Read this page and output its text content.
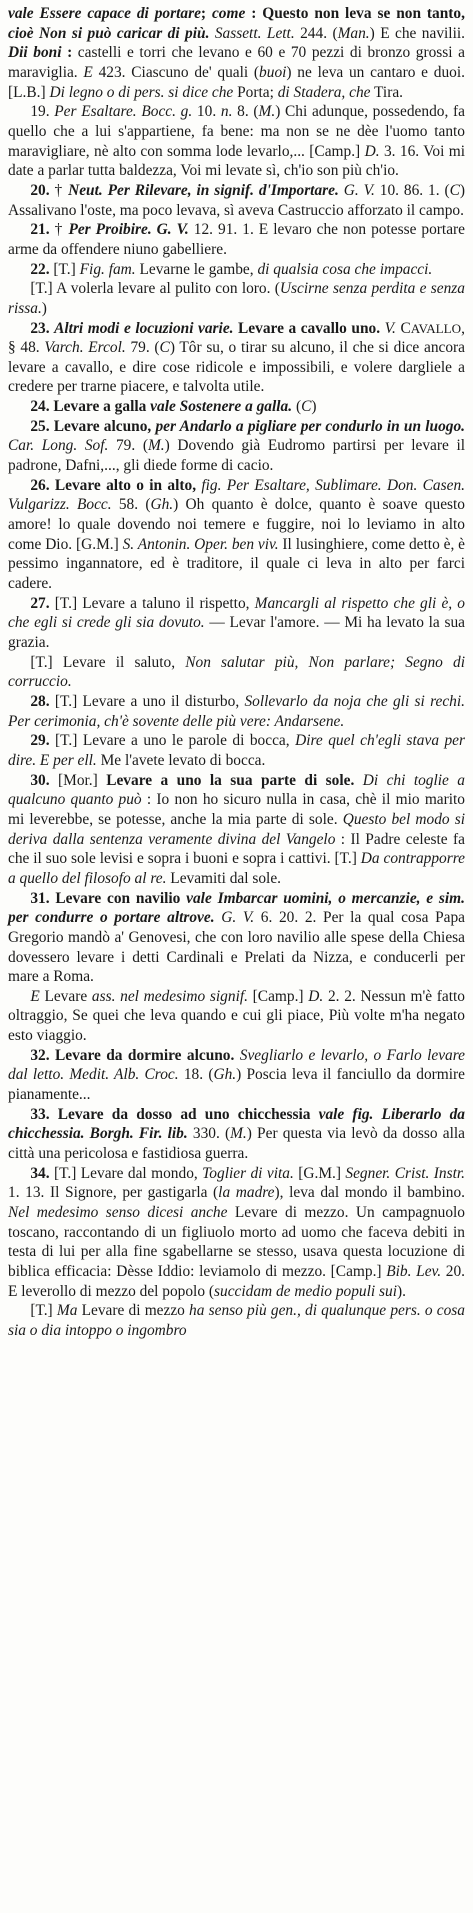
vale Essere capace di portare; come : Questo non leva se non tanto, cioè Non si può caricar di più. Sassett. Lett. 244. (Man.) E che navilii. Dii boni : castelli e torri che levano e 60 e 70 pezzi di bronzo grossi a maraviglia. E 423. Ciascuno de' quali (buoi) ne leva un cantaro e duoi. [L.B.] Di legno o di pers. si dice che Porta; di Stadera, che Tira.

19. Per Esaltare. Bocc. g. 10. n. 8. (M.) Chi adunque, possedendo, fa quello che a lui s'appartiene, fa bene: ma non se ne dèe l'uomo tanto maravigliare, nè alto con somma lode levarlo,... [Camp.] D. 3. 16. Voi mi date a parlar tutta baldezza, Voi mi levate sì, ch'io son più ch'io.

20. † Neut. Per Rilevare, in signif. d'Importare. G. V. 10. 86. 1. (C) Assalivano l'oste, ma poco levava, sì aveva Castruccio afforzato il campo.

21. † Per Proibire. G. V. 12. 91. 1. E levaro che non potesse portare arme da offendere niuno gabelliere.

22. [T.] Fig. fam. Levarne le gambe, di qualsia cosa che impacci.

[T.] A volerla levare al pulito con loro. (Uscirne senza perdita e senza rissa.)

23. Altri modi e locuzioni varie. Levare a cavallo uno. V. CAVALLO, § 48. Varch. Ercol. 79. (C) Tôr su, o tirar su alcuno, il che si dice ancora levare a cavallo, e dire cose ridicole e impossibili, e volere dargliele a credere per trarne piacere, e talvolta utile.

24. Levare a galla vale Sostenere a galla. (C)

25. Levare alcuno, per Andarlo a pigliare per condurlo in un luogo. Car. Long. Sof. 79. (M.) Dovendo già Eudromo partirsi per levare il padrone, Dafni,..., gli diede forme di cacio.

26. Levare alto o in alto, fig. Per Esaltare, Sublimare. Don. Casen. Vulgarizz. Bocc. 58. (Gh.) Oh quanto è dolce, quanto è soave questo amore! lo quale dovendo noi temere e fuggire, noi lo leviamo in alto come Dio. [G.M.] S. Antonin. Oper. ben viv. Il lusinghiere, come detto è, è pessimo ingannatore, ed è traditore, il quale ci leva in alto per farci cadere.

27. [T.] Levare a taluno il rispetto, Mancargli al rispetto che gli è, o che egli si crede gli sia dovuto. — Levar l'amore. — Mi ha levato la sua grazia.

[T.] Levare il saluto, Non salutar più, Non parlare; Segno di corruccio.

28. [T.] Levare a uno il disturbo, Sollevarlo da noja che gli si rechi. Per cerimonia, ch'è sovente delle più vere: Andarsene.

29. [T.] Levare a uno le parole di bocca, Dire quel ch'egli stava per dire. E per ell. Me l'avete levato di bocca.

30. [Mor.] Levare a uno la sua parte di sole. Di chi toglie a qualcuno quanto può : Io non ho sicuro nulla in casa, chè il mio marito mi leverebbe, se potesse, anche la mia parte di sole. Questo bel modo si deriva dalla sentenza veramente divina del Vangelo : Il Padre celeste fa che il suo sole levisi e sopra i buoni e sopra i cattivi. [T.] Da contrapporre a quello del filosofo al re. Levamiti dal sole.

31. Levare con navilio vale Imbarcar uomini, o mercanzie, e sim. per condurre o portare altrove. G. V. 6. 20. 2. Per la qual cosa Papa Gregorio mandò a' Genovesi, che con loro navilio alle spese della Chiesa dovessero levare i detti Cardinali e Prelati da Nizza, e conducerli per mare a Roma.

E Levare ass. nel medesimo signif. [Camp.] D. 2. 2. Nessun m'è fatto oltraggio, Se quei che leva quando e cui gli piace, Più volte m'ha negato esto viaggio.

32. Levare da dormire alcuno. Svegliarlo e levarlo, o Farlo levare dal letto. Medit. Alb. Croc. 18. (Gh.) Poscia leva il fanciullo da dormire pianamente...

33. Levare da dosso ad uno chicchessia vale fig. Liberarlo da chicchessia. Borgh. Fir. lib. 330. (M.) Per questa via levò da dosso alla città una pericolosa e fastidiosa guerra.

34. [T.] Levare dal mondo, Toglier di vita. [G.M.] Segner. Crist. Instr. 1. 13. Il Signore, per gastigarla (la madre), leva dal mondo il bambino. Nel medesimo senso dicesi anche Levare di mezzo. Un campagnuolo toscano, raccontando di un figliuolo morto ad uomo che faceva debiti in testa di lui per alla fine sgabellarne se stesso, usava questa locuzione di biblica efficacia: Dèsse Iddio: leviamolo di mezzo. [Camp.] Bib. Lev. 20. E leverollo di mezzo del popolo (succidam de medio populi sui).

[T.] Ma Levare di mezzo ha senso più gen., di qualunque pers. o cosa sia o dia intoppo o ingombro
